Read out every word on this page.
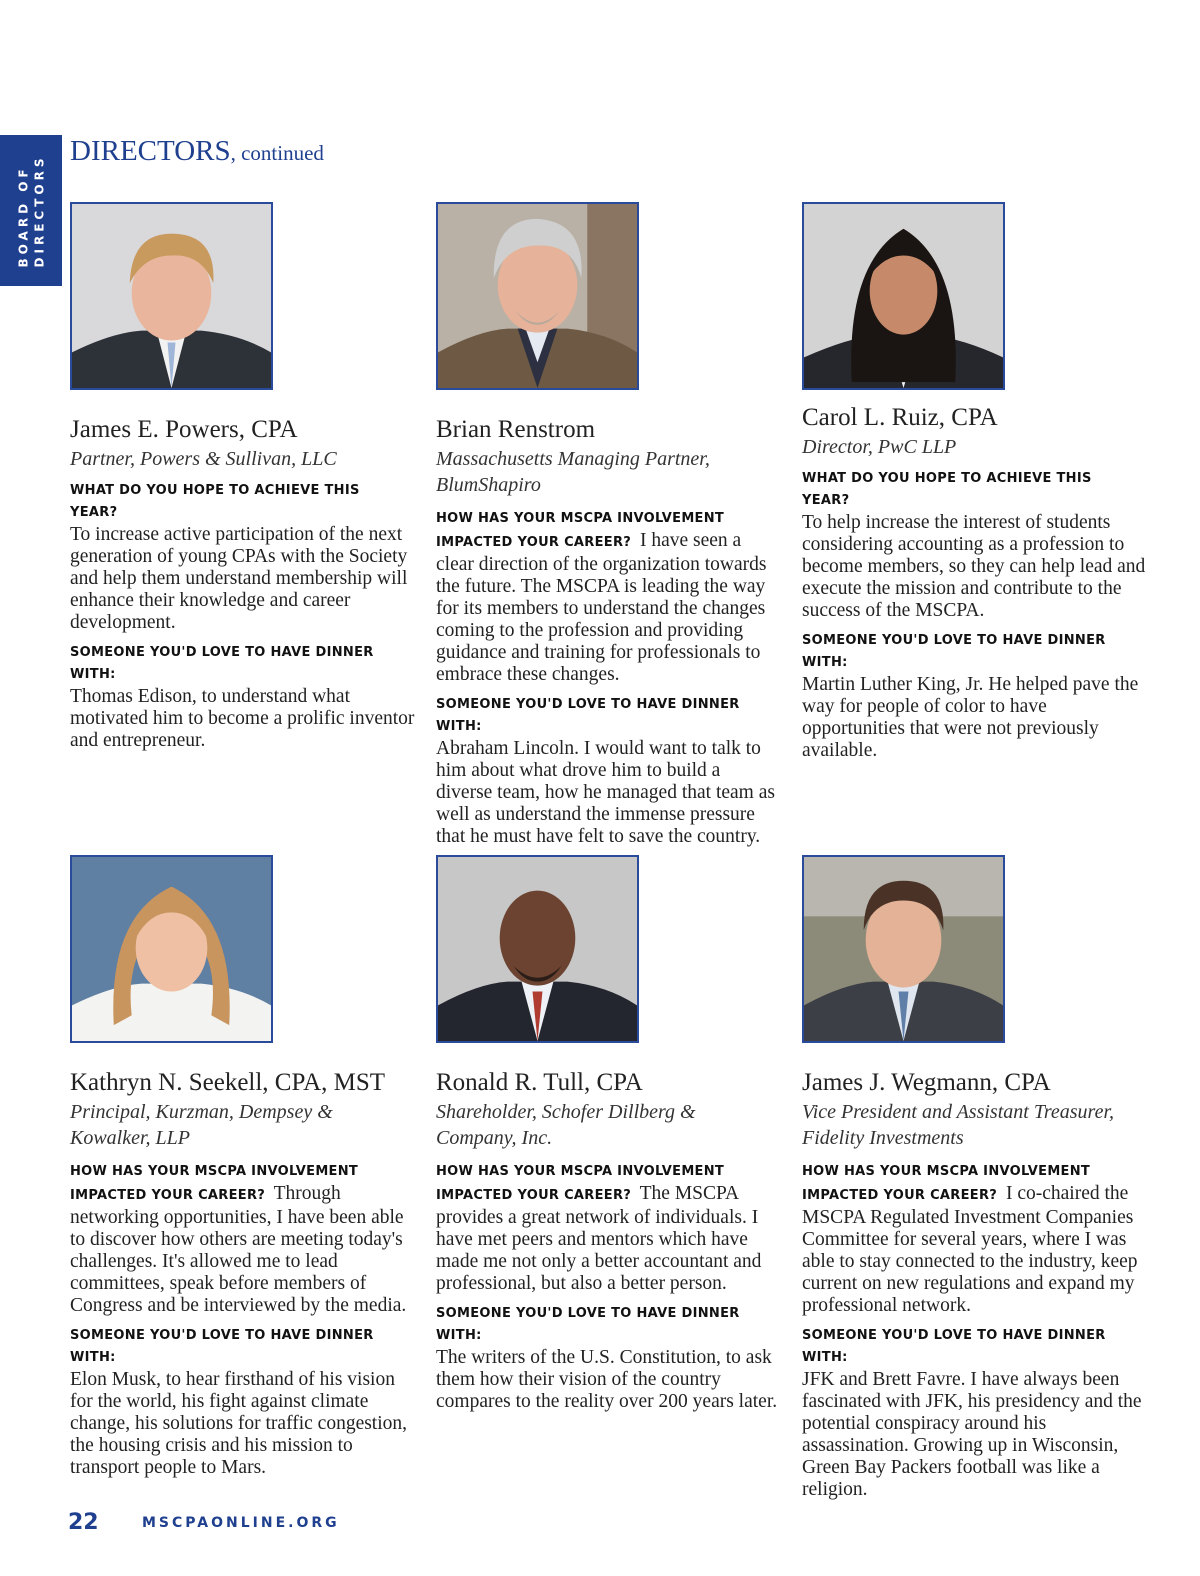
BOARD OF DIRECTORS
DIRECTORS, continued
James E. Powers, CPA
Partner, Powers & Sullivan, LLC
WHAT DO YOU HOPE TO ACHIEVE THIS YEAR?
To increase active participation of the next generation of young CPAs with the Society and help them understand membership will enhance their knowledge and career development.
SOMEONE YOU'D LOVE TO HAVE DINNER WITH:
Thomas Edison, to understand what motivated him to become a prolific inventor and entrepreneur.
Brian Renstrom
Massachusetts Managing Partner, BlumShapiro
HOW HAS YOUR MSCPA INVOLVEMENT IMPACTED YOUR CAREER? I have seen a clear direction of the organization towards the future. The MSCPA is leading the way for its members to understand the changes coming to the profession and providing guidance and training for professionals to embrace these changes.
SOMEONE YOU'D LOVE TO HAVE DINNER WITH:
Abraham Lincoln. I would want to talk to him about what drove him to build a diverse team, how he managed that team as well as understand the immense pressure that he must have felt to save the country.
Carol L. Ruiz, CPA
Director, PwC LLP
WHAT DO YOU HOPE TO ACHIEVE THIS YEAR?
To help increase the interest of students considering accounting as a profession to become members, so they can help lead and execute the mission and contribute to the success of the MSCPA.
SOMEONE YOU'D LOVE TO HAVE DINNER WITH:
Martin Luther King, Jr. He helped pave the way for people of color to have opportunities that were not previously available.
Kathryn N. Seekell, CPA, MST
Principal, Kurzman, Dempsey & Kowalker, LLP
HOW HAS YOUR MSCPA INVOLVEMENT IMPACTED YOUR CAREER? Through networking opportunities, I have been able to discover how others are meeting today's challenges. It's allowed me to lead committees, speak before members of Congress and be interviewed by the media.
SOMEONE YOU'D LOVE TO HAVE DINNER WITH:
Elon Musk, to hear firsthand of his vision for the world, his fight against climate change, his solutions for traffic congestion, the housing crisis and his mission to transport people to Mars.
Ronald R. Tull, CPA
Shareholder, Schofer Dillberg & Company, Inc.
HOW HAS YOUR MSCPA INVOLVEMENT IMPACTED YOUR CAREER? The MSCPA provides a great network of individuals. I have met peers and mentors which have made me not only a better accountant and professional, but also a better person.
SOMEONE YOU'D LOVE TO HAVE DINNER WITH:
The writers of the U.S. Constitution, to ask them how their vision of the country compares to the reality over 200 years later.
James J. Wegmann, CPA
Vice President and Assistant Treasurer, Fidelity Investments
HOW HAS YOUR MSCPA INVOLVEMENT IMPACTED YOUR CAREER? I co-chaired the MSCPA Regulated Investment Companies Committee for several years, where I was able to stay connected to the industry, keep current on new regulations and expand my professional network.
SOMEONE YOU'D LOVE TO HAVE DINNER WITH:
JFK and Brett Favre. I have always been fascinated with JFK, his presidency and the potential conspiracy around his assassination. Growing up in Wisconsin, Green Bay Packers football was like a religion.
22	MSCPAONLINE.ORG
